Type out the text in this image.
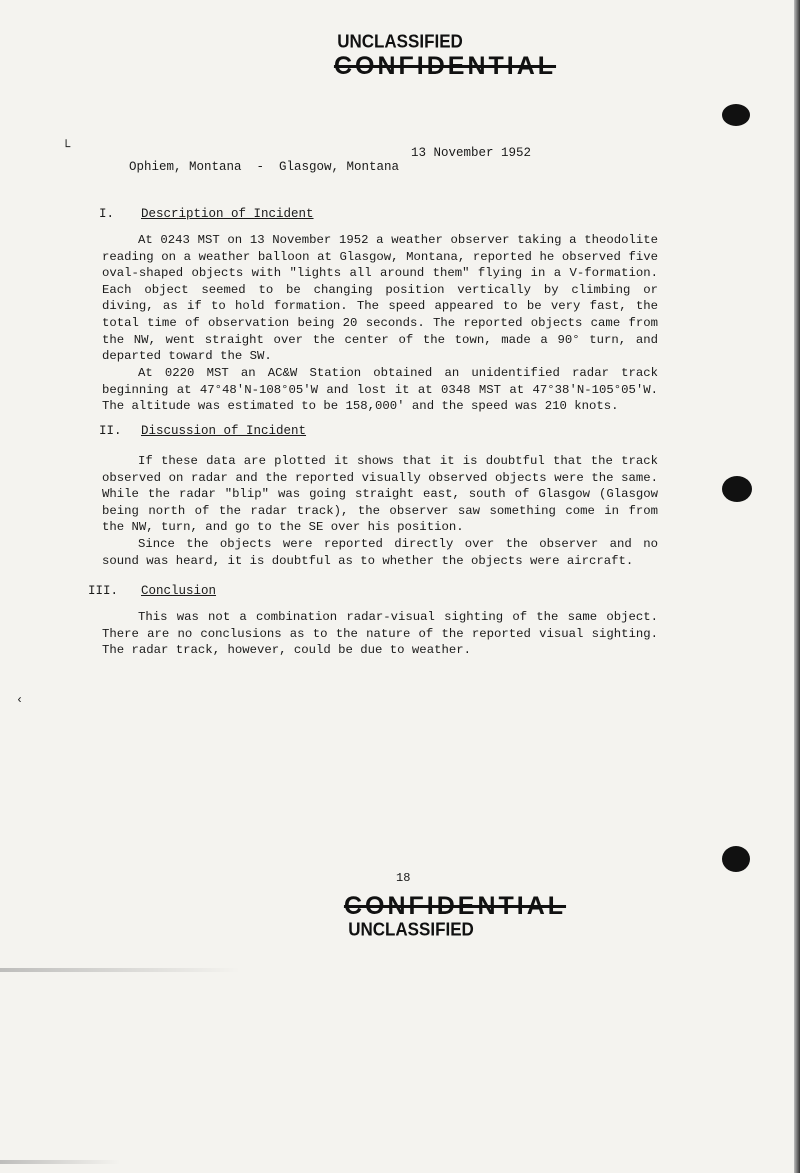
UNCLASSIFIED
CONFIDENTIAL
└
‹

Ophiem, Montana  -  Glasgow, Montana

13 November 1952

I. Description of Incident

At 0243 MST on 13 November 1952 a weather observer taking a theodolite reading on a weather balloon at Glasgow, Montana, reported he observed five oval-shaped objects with "lights all around them" flying in a V-formation. Each object seemed to be changing position vertically by climbing or diving, as if to hold formation. The speed appeared to be very fast, the total time of observation being 20 seconds. The reported objects came from the NW, went straight over the center of the town, made a 90° turn, and departed toward the SW.

At 0220 MST an AC&W Station obtained an unidentified radar track beginning at 47°48'N-108°05'W and lost it at 0348 MST at 47°38'N-105°05'W. The altitude was estimated to be 158,000' and the speed was 210 knots.

II. Discussion of Incident

If these data are plotted it shows that it is doubtful that the track observed on radar and the reported visually observed objects were the same. While the radar "blip" was going straight east, south of Glasgow (Glasgow being north of the radar track), the observer saw something come in from the NW, turn, and go to the SE over his position.

Since the objects were reported directly over the observer and no sound was heard, it is doubtful as to whether the objects were aircraft.

III. Conclusion

This was not a combination radar-visual sighting of the same object. There are no conclusions as to the nature of the reported visual sighting. The radar track, however, could be due to weather.

18
CONFIDENTIAL
UNCLASSIFIED
